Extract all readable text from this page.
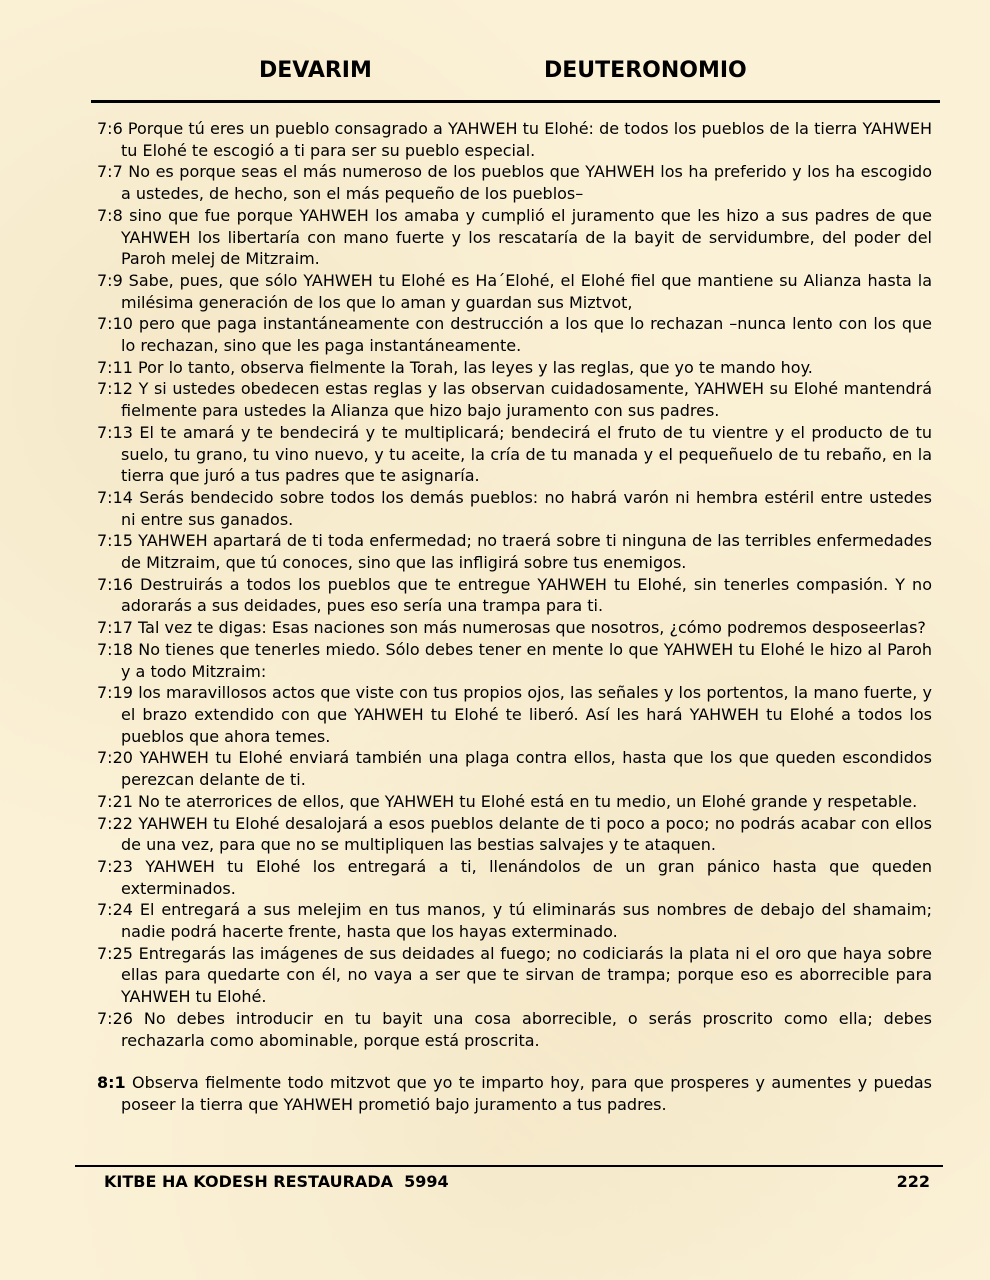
DEVARIM	DEUTERONOMIO

7:6 Porque tú eres un pueblo consagrado a YAHWEH tu Elohé: de todos los pueblos de la tierra YAHWEH tu Elohé te escogió a ti para ser su pueblo especial.

7:7 No es porque seas el más numeroso de los pueblos que YAHWEH los ha preferido y los ha escogido a ustedes, de hecho, son el más pequeño de los pueblos–

7:8 sino que fue porque YAHWEH los amaba y cumplió el juramento que les hizo a sus padres de que YAHWEH los libertaría con mano fuerte y los rescataría de la bayit de servidumbre, del poder del Paroh melej de Mitzraim.

7:9 Sabe, pues, que sólo YAHWEH tu Elohé es Ha´Elohé, el Elohé fiel que mantiene su Alianza hasta la milésima generación de los que lo aman y guardan sus Miztvot,

7:10 pero que paga instantáneamente con destrucción a los que lo rechazan –nunca lento con los que lo rechazan, sino que les paga instantáneamente.

7:11 Por lo tanto, observa fielmente la Torah, las leyes y las reglas, que yo te mando hoy.

7:12 Y si ustedes obedecen estas reglas y las observan cuidadosamente, YAHWEH su Elohé mantendrá fielmente para ustedes la Alianza que hizo bajo juramento con sus padres.

7:13 El te amará y te bendecirá y te multiplicará; bendecirá el fruto de tu vientre y el producto de tu suelo, tu grano, tu vino nuevo, y tu aceite, la cría de tu manada y el pequeñuelo de tu rebaño, en la tierra que juró a tus padres que te asignaría.

7:14 Serás bendecido sobre todos los demás pueblos: no habrá varón ni hembra estéril entre ustedes ni entre sus ganados.

7:15 YAHWEH apartará de ti toda enfermedad; no traerá sobre ti ninguna de las terribles enfermedades de Mitzraim, que tú conoces, sino que las infligirá sobre tus enemigos.

7:16 Destruirás a todos los pueblos que te entregue YAHWEH tu Elohé, sin tenerles compasión. Y no adorarás a sus deidades, pues eso sería una trampa para ti.

7:17 Tal vez te digas: Esas naciones son más numerosas que nosotros, ¿cómo podremos desposeerlas?

7:18 No tienes que tenerles miedo. Sólo debes tener en mente lo que YAHWEH tu Elohé le hizo al Paroh y a todo Mitzraim:

7:19 los maravillosos actos que viste con tus propios ojos, las señales y los portentos, la mano fuerte, y el brazo extendido con que YAHWEH tu Elohé te liberó. Así les hará YAHWEH tu Elohé a todos los pueblos que ahora temes.

7:20 YAHWEH tu Elohé enviará también una plaga contra ellos, hasta que los que queden escondidos perezcan delante de ti.

7:21 No te aterrorices de ellos, que YAHWEH tu Elohé está en tu medio, un Elohé grande y respetable.

7:22 YAHWEH tu Elohé desalojará a esos pueblos delante de ti poco a poco; no podrás acabar con ellos de una vez, para que no se multipliquen las bestias salvajes y te ataquen.

7:23 YAHWEH tu Elohé los entregará a ti, llenándolos de un gran pánico hasta que queden exterminados.

7:24 El entregará a sus melejim en tus manos, y tú eliminarás sus nombres de debajo del shamaim; nadie podrá hacerte frente, hasta que los hayas exterminado.

7:25 Entregarás las imágenes de sus deidades al fuego; no codiciarás la plata ni el oro que haya sobre ellas para quedarte con él, no vaya a ser que te sirvan de trampa; porque eso es aborrecible para YAHWEH tu Elohé.

7:26 No debes introducir en tu bayit una cosa aborrecible, o serás proscrito como ella; debes rechazarla como abominable, porque está proscrita.

8:1 Observa fielmente todo mitzvot que yo te imparto hoy, para que prosperes y aumentes y puedas poseer la tierra que YAHWEH prometió bajo juramento a tus padres.

KITBE HA KODESH RESTAURADA  5994	222
